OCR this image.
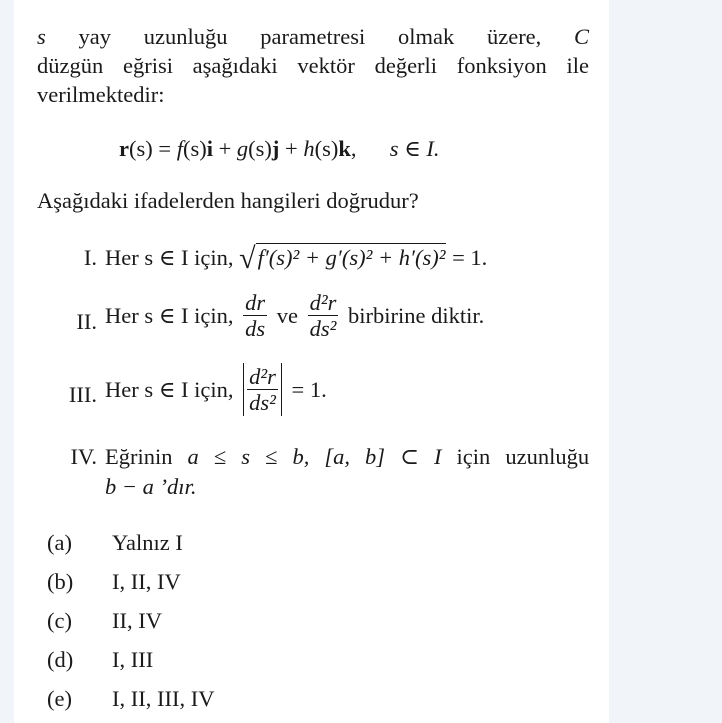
s yay uzunluğu parametresi olmak üzere, C
düzgün eğrisi aşağıdaki vektör değerli fonksiyon ile
verilmektedir:
r(s) = f(s)i + g(s)j + h(s)k, s ∈ I.
Aşağıdaki ifadelerden hangileri doğrudur?
I. Her s ∈ I için, √f′(s)² + g′(s)² + h′(s)² = 1.
II. Her s ∈ I için, $\frac{dr}{ds}$ ve $\frac{\text{d²r}}{\text{ds²}}$ birbirine diktir.
III. Her s ∈ I için, $\frac{\text{d²r}}{\text{ds²}} = 1$.
IV. Eğrinin a ≤ s ≤ b, [a, b] ⊂ I için uzunluğu
b − a ’dır.
(a)	Yalnız I
(b)	I, II, IV
(c)	II, IV
(d)	I, III
(e)	I, II, III, IV
